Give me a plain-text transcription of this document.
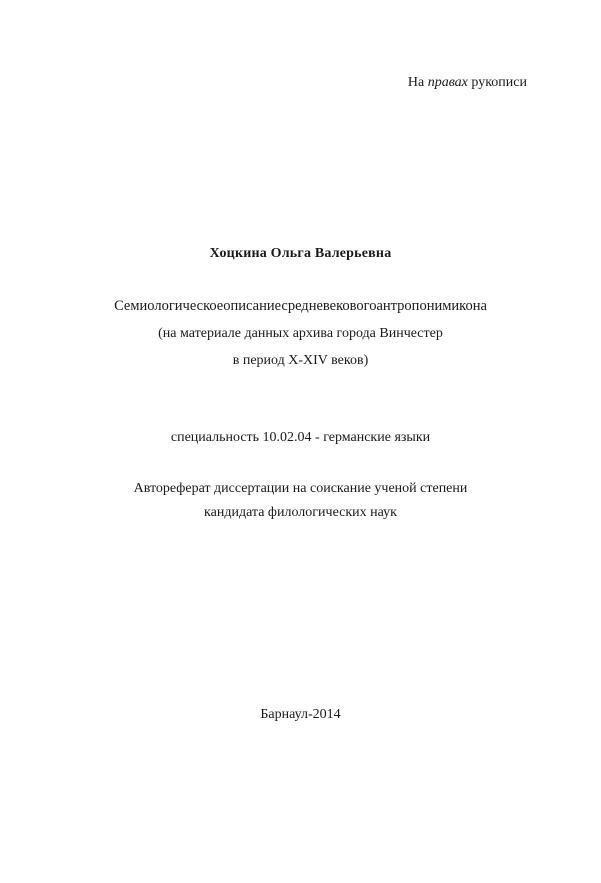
На правах рукописи
Хоцкина Ольга Валерьевна
Семиологическоеописаниесредневековогоантропонимикона
(на материале данных архива города Винчестер
в период X-XIV веков)
специальность 10.02.04 - германские языки
Автореферат диссертации на соискание ученой степени
кандидата филологических наук
Барнаул-2014
